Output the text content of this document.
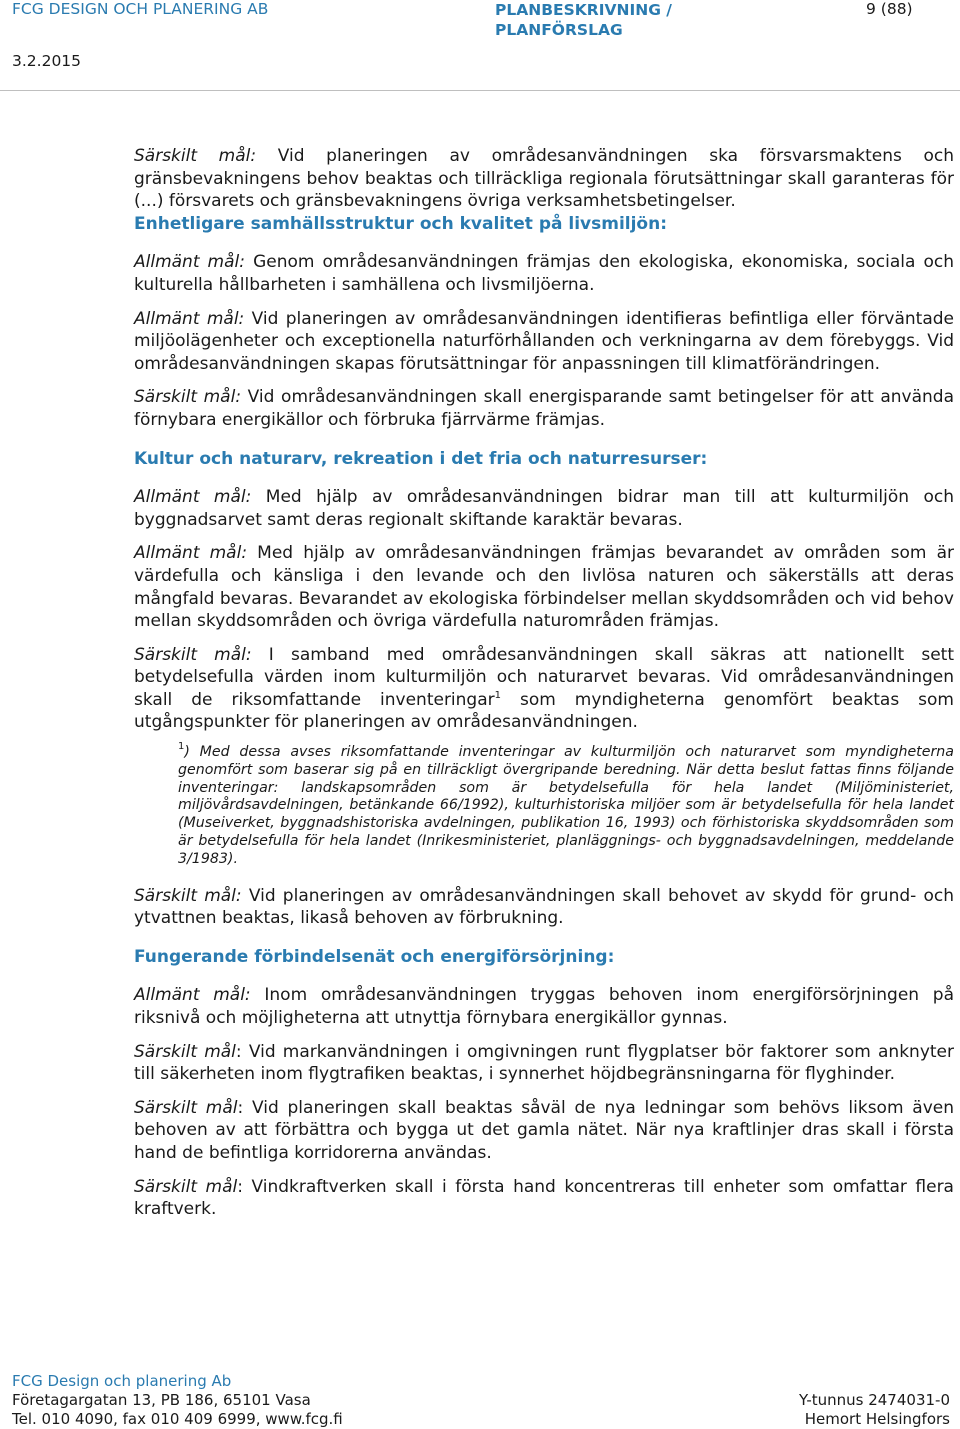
FCG DESIGN OCH PLANERING AB	PLANBESKRIVNING / PLANFÖRSLAG
9 (88)
3.2.2015

Särskilt mål: Vid planeringen av områdesanvändningen ska försvarsmaktens och gränsbevakningens behov beaktas och tillräckliga regionala förutsättningar skall garanteras för (...) försvarets och gränsbevakningens övriga verksamhetsbetingelser.

Enhetligare samhällsstruktur och kvalitet på livsmiljön:

Allmänt mål: Genom områdesanvändningen främjas den ekologiska, ekonomiska, sociala och kulturella hållbarheten i samhällena och livsmiljöerna.

Allmänt mål: Vid planeringen av områdesanvändningen identifieras befintliga eller förväntade miljöolägenheter och exceptionella naturförhållanden och verkningarna av dem förebyggs. Vid områdesanvändningen skapas förutsättningar för anpassningen till klimatförändringen.

Särskilt mål: Vid områdesanvändningen skall energisparande samt betingelser för att använda förnybara energikällor och förbruka fjärrvärme främjas.

Kultur och naturarv, rekreation i det fria och naturresurser:

Allmänt mål: Med hjälp av områdesanvändningen bidrar man till att kulturmiljön och byggnadsarvet samt deras regionalt skiftande karaktär bevaras.

Allmänt mål: Med hjälp av områdesanvändningen främjas bevarandet av områden som är värdefulla och känsliga i den levande och den livlösa naturen och säkerställs att deras mångfald bevaras. Bevarandet av ekologiska förbindelser mellan skyddsområden och vid behov mellan skyddsområden och övriga värdefulla naturområden främjas.

Särskilt mål: I samband med områdesanvändningen skall säkras att nationellt sett betydelsefulla värden inom kulturmiljön och naturarvet bevaras. Vid områdesanvändningen skall de riksomfattande inventeringar$^1$ som myndigheterna genomfört beaktas som utgångspunkter för planeringen av områdesanvändningen.

$^1$) Med dessa avses riksomfattande inventeringar av kulturmiljön och naturarvet som myndigheterna genomfört som baserar sig på en tillräckligt övergripande beredning. När detta beslut fattas finns följande inventeringar: landskapsområden som är betydelsefulla för hela landet (Miljöministeriet, miljövårdsavdelningen, betänkande 66/1992), kulturhistoriska miljöer som är betydelsefulla för hela landet (Museiverket, byggnadshistoriska avdelningen, publikation 16, 1993) och förhistoriska skyddsområden som är betydelsefulla för hela landet (Inrikesministeriet, planläggnings- och byggnadsavdelningen, meddelande 3/1983).

Särskilt mål: Vid planeringen av områdesanvändningen skall behovet av skydd för grund- och ytvattnen beaktas, likaså behoven av förbrukning.

Fungerande förbindelsenät och energiförsörjning:

Allmänt mål: Inom områdesanvändningen tryggas behoven inom energiförsörjningen på riksnivå och möjligheterna att utnyttja förnybara energikällor gynnas.

Särskilt mål: Vid markanvändningen i omgivningen runt flygplatser bör faktorer som anknyter till säkerheten inom flygtrafiken beaktas, i synnerhet höjdbegränsningarna för flyghinder.

Särskilt mål: Vid planeringen skall beaktas såväl de nya ledningar som behövs liksom även behoven av att förbättra och bygga ut det gamla nätet. När nya kraftlinjer dras skall i första hand de befintliga korridorerna användas.

Särskilt mål: Vindkraftverken skall i första hand koncentreras till enheter som omfattar flera kraftverk.

FCG Design och planering Ab
Företagargatan 13, PB 186, 65101 Vasa
Tel. 010 4090, fax 010 409 6999, www.fcg.fi
Y-tunnus 2474031-0
Hemort Helsingfors
